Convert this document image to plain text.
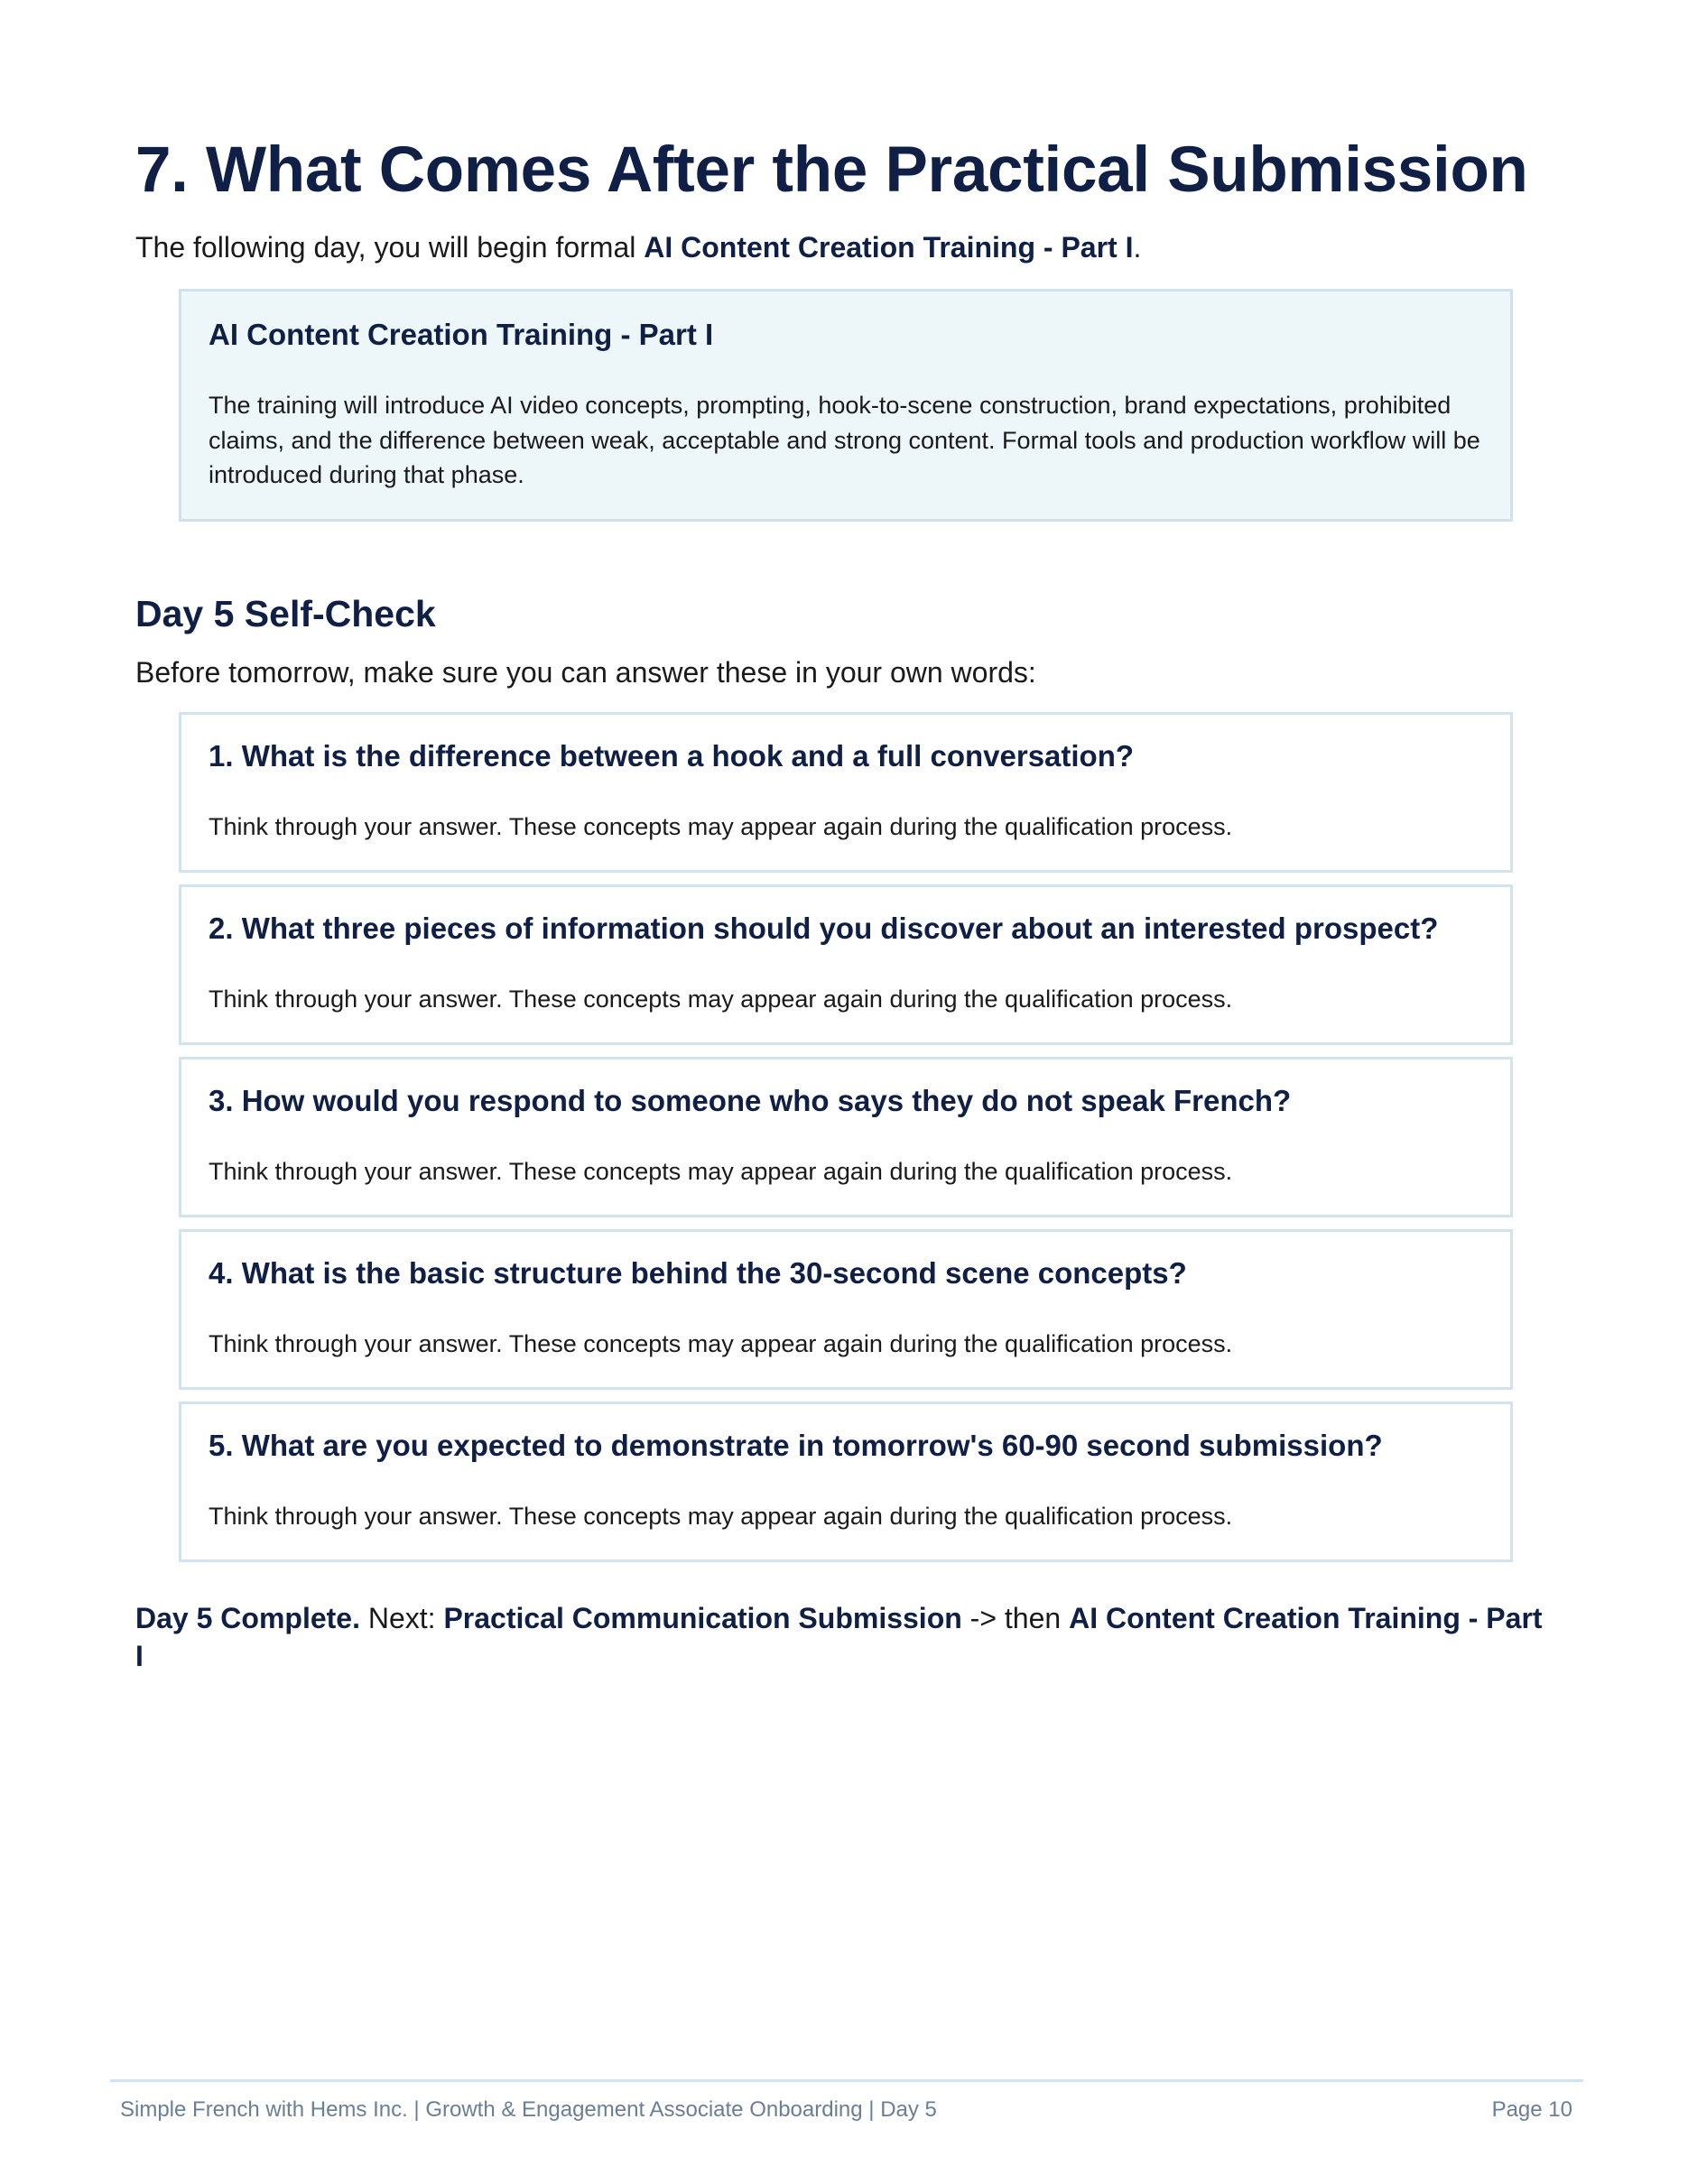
7. What Comes After the Practical Submission
The following day, you will begin formal AI Content Creation Training - Part I.
AI Content Creation Training - Part I
The training will introduce AI video concepts, prompting, hook-to-scene construction, brand expectations, prohibited claims, and the difference between weak, acceptable and strong content. Formal tools and production workflow will be introduced during that phase.
Day 5 Self-Check
Before tomorrow, make sure you can answer these in your own words:
1. What is the difference between a hook and a full conversation?
Think through your answer. These concepts may appear again during the qualification process.
2. What three pieces of information should you discover about an interested prospect?
Think through your answer. These concepts may appear again during the qualification process.
3. How would you respond to someone who says they do not speak French?
Think through your answer. These concepts may appear again during the qualification process.
4. What is the basic structure behind the 30-second scene concepts?
Think through your answer. These concepts may appear again during the qualification process.
5. What are you expected to demonstrate in tomorrow's 60-90 second submission?
Think through your answer. These concepts may appear again during the qualification process.
Day 5 Complete. Next: Practical Communication Submission -> then AI Content Creation Training - Part I
Simple French with Hems Inc. | Growth & Engagement Associate Onboarding | Day 5	Page 10
